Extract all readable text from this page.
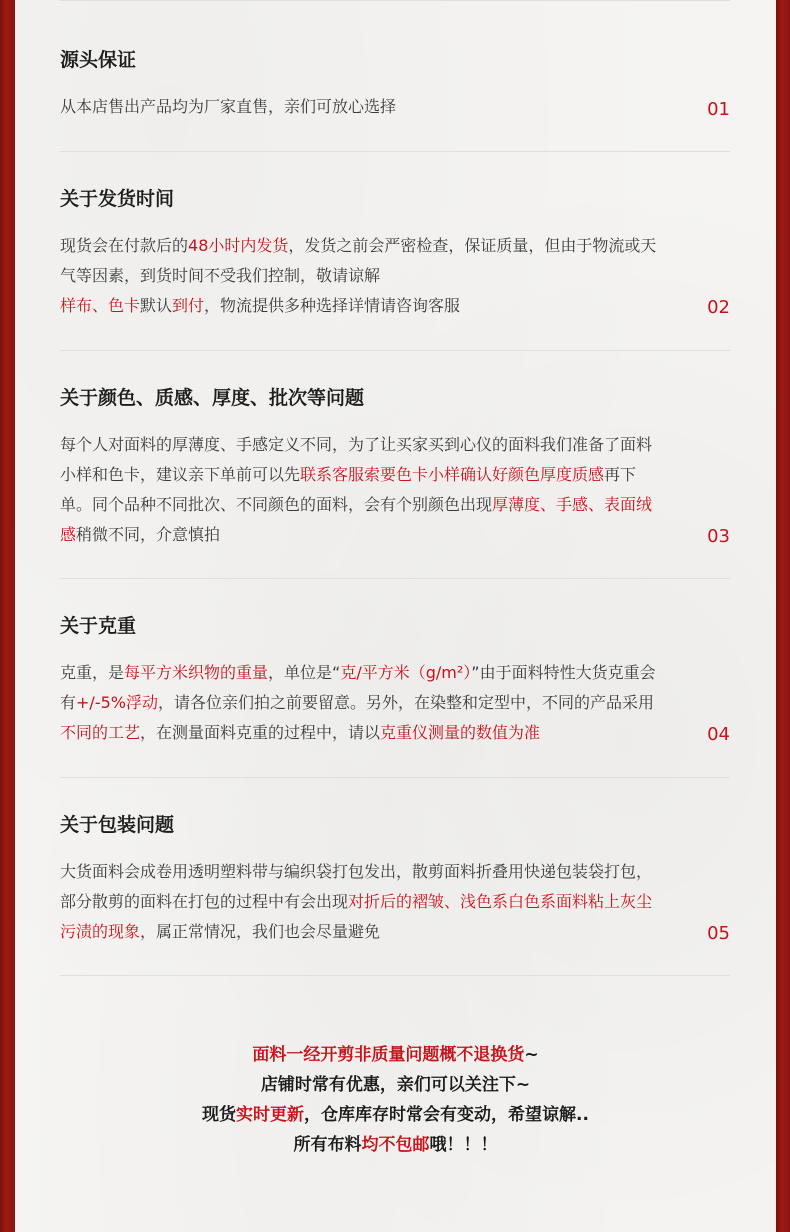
源头保证
从本店售出产品均为厂家直售，亲们可放心选择	01
关于发货时间
现货会在付款后的48小时内发货，发货之前会严密检查，保证质量，但由于物流或天气等因素，到货时间不受我们控制，敬请谅解
样布、色卡默认到付，物流提供多种选择详情请咨询客服	02
关于颜色、质感、厚度、批次等问题
每个人对面料的厚薄度、手感定义不同，为了让买家买到心仪的面料我们准备了面料小样和色卡，建议亲下单前可以先联系客服索要色卡小样确认好颜色厚度质感再下单。同个品种不同批次、不同颜色的面料，会有个别颜色出现厚薄度、手感、表面绒感稍微不同，介意慎拍	03
关于克重
克重，是每平方米织物的重量，单位是“克/平方米（g/m²）”由于面料特性大货克重会有+/-5%浮动，请各位亲们拍之前要留意。另外，在染整和定型中，不同的产品采用不同的工艺，在测量面料克重的过程中，请以克重仪测量的数值为准	04
关于包装问题
大货面料会成卷用透明塑料带与编织袋打包发出，散剪面料折叠用快递包装袋打包，部分散剪的面料在打包的过程中有会出现对折后的褶皱、浅色系白色系面料粘上灰尘污渍的现象，属正常情况，我们也会尽量避免	05
面料一经开剪非质量问题概不退换货~
店铺时常有优惠，亲们可以关注下~
现货实时更新，仓库库存时常会有变动，希望谅解..
所有布料均不包邮哦！！！
